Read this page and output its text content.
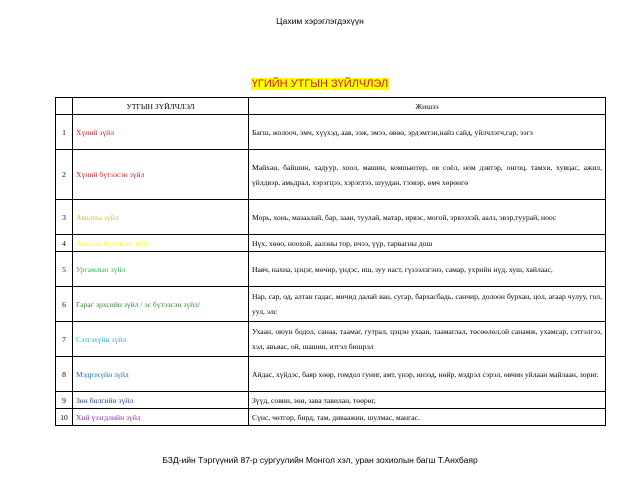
Цахим хэрэглэгдэхүүн
ҮГИЙН УТГЫН ЗҮЙЛЧЛЭЛ
	УТГЫН ЗҮЙЛЧЛЭЛ	Жишээ
1	Хүний зүйл	Багш, жолооч, эмч, хүүхэд, аав, ээж, эмээ, өвөө, эрдэмтэн,найз сайд, уйлчлэгч,гар, ээгэ
2	Хүний бүтээсэн зүйл	Майхан, байшин, хадуур, хоол, машин, компьютер, ов соёл, ном дэвтэр, онгоц, тамхи, хувцас, ажил, үйлдвэр, амьдрал, хэрэгцээ, хэрэглээ, шуудан, тээвэр, өмч хөрөнгө
3	Амьтны зүйл	Морь, хонь, мазаалай, бар, заан, туулай, матар, ирвэс, могой, эрвээхэй, аалз, эвэр,туурай, ноос
4	Амьтны бүтээсэн зүйл	Нүх, хөөо, ноохой, аалзны тор, ичээ, үүр, тарвагны дош
5	Ургамлын зүйл	Навч, нахиа, цэцэг, мөчир, үндэс, иш, зуу наст, гүзээлзгэнэ, самар, ухрийн нүд, хуш, хайлаас,
6	Гараг эрхсийн зүйл / эс бүтээсэн зүйл/	Нар, сар, од, алтан гадас, мичид далай ван, сугар, бархасбадь, санчир, долоон бурхан, цол, агаар чулуу, гол, уул, элс
7	Сэтгэхүйн зүйл	Ухаан, оюун бодол, санаа, таамаг, гутрал, цэцэн ухаан, таамаглал, төсөөлөл,ой санамж, ухамсар, сэтгэлгээ, хэл, авьяас, ой, шашин, итгэл бишрэл
8	Мэдрэхүйн зүйл	Айдас, хүйдэс, баяр хөөр, гомдол гуниг, амт, үнэр, инээд, нөйр, мэдрэл сэрэл, өвчин уйлаан майлаан, зориг.
9	Зөн билгийн зүйл	Зүүд, совин, зөн, зава тавилан, төөрөг,
10	Хий үзэгдлийн зүйл	Сүнс, чөтгөр, бирд, там, диваажин, шулмас, мангас.
БЗД-ийн Тэргүүний 87-р сургуулийн Монгол хэл, уран зохиолын багш Т.Анхбаяр
